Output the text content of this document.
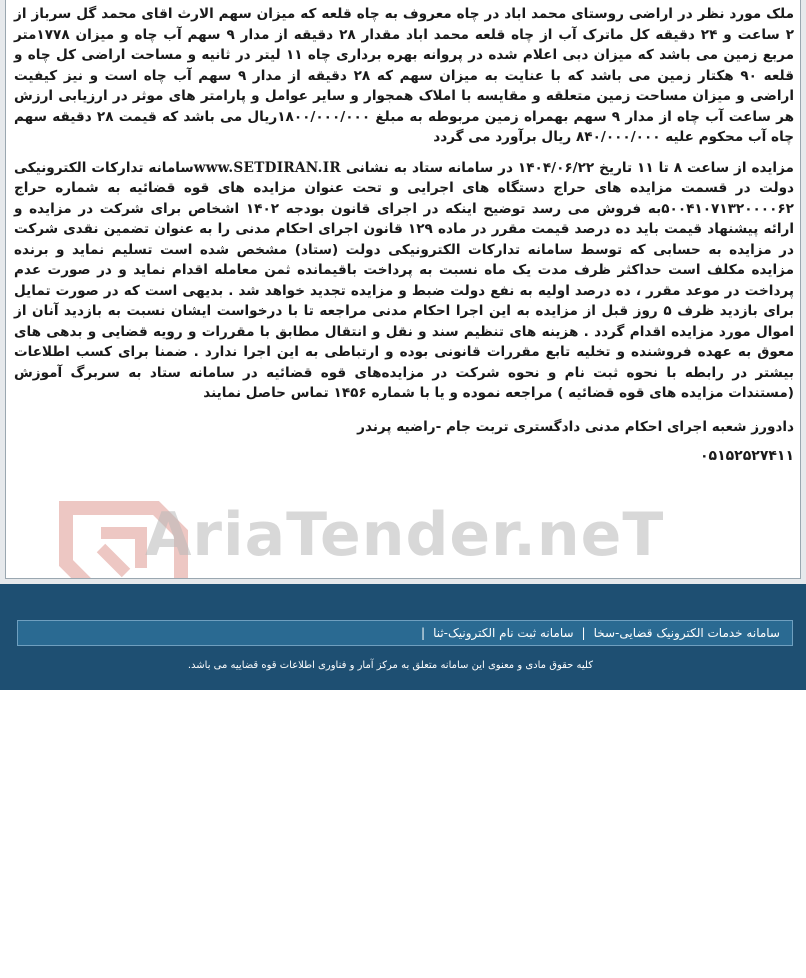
ملک مورد نظر در اراضی روستای محمد اباد در چاه معروف به چاه قلعه که میزان سهم الارث اقای محمد گل سرباز از ۲ ساعت و ۲۴ دقیقه کل ماترک آب از چاه قلعه محمد اباد مقدار ۲۸ دقیقه از مدار ۹ سهم آب چاه و میزان ۱۷۷۸متر مربع زمین می باشد که میزان دبی اعلام شده در پروانه بهره برداری چاه ۱۱ لیتر در ثانیه و مساحت اراضی کل چاه و قلعه ۹۰ هکتار زمین می باشد که با عنایت به میزان سهم که ۲۸ دقیقه از مدار ۹ سهم آب چاه است و نیز کیفیت اراضی و میزان مساحت زمین متعلقه و مقایسه با املاک همجوار و سایر عوامل و پارامتر های موثر در ارزیابی ارزش هر ساعت آب چاه از مدار ۹ سهم بهمراه زمین مربوطه به مبلغ ۱۸۰۰/۰۰۰/۰۰۰ریال می باشد که قیمت ۲۸ دقیقه سهم چاه آب محکوم علیه ۸۴۰/۰۰۰/۰۰۰ ریال برآورد می گردد

مزایده از ساعت ۸ تا ۱۱ تاریخ ۱۴۰۴/۰۶/۲۲ در سامانه ستاد به نشانی www.SETDIRAN.IRسامانه تدارکات الکترونیکی دولت در قسمت مزایده های حراج دستگاه های اجرایی و تحت عنوان مزایده های قوه قضائیه به شماره حراج ۵۰۰۴۱۰۷۱۳۲۰۰۰۰۶۲به فروش می رسد توضیح اینکه در اجرای قانون بودجه ۱۴۰۲ اشخاص برای شرکت در مزایده و ارائه پیشنهاد قیمت باید ده درصد قیمت مقرر در ماده ۱۲۹ قانون اجرای احکام مدنی را به عنوان تضمین نقدی شرکت در مزایده به حسابی که توسط سامانه تدارکات الکترونیکی دولت (ستاد) مشخص شده است تسلیم نماید و برنده مزایده مکلف است حداکثر ظرف مدت یک ماه نسبت به پرداخت باقیمانده ثمن معامله اقدام نماید و در صورت عدم پرداخت در موعد مقرر ، ده درصد اولیه به نفع دولت ضبط و مزایده تجدید خواهد شد . بدیهی است که در صورت تمایل برای بازدید ظرف ۵ روز قبل از مزایده به این اجرا احکام مدنی مراجعه تا با درخواست ایشان نسبت به بازدید آنان از اموال مورد مزایده اقدام گردد . هزینه های تنظیم سند و نقل و انتقال مطابق با مقررات و رویه قضایی و بدهی های معوق به عهده فروشنده و تخلیه تابع مقررات قانونی بوده و ارتباطی به این اجرا ندارد . ضمنا برای کسب اطلاعات بیشتر در رابطه با نحوه ثبت نام و نحوه شرکت در مزایده‌های قوه قضائیه در سامانه ستاد به سربرگ آموزش (مستندات مزایده های قوه قضائیه ) مراجعه نموده و یا با شماره ۱۴۵۶ تماس حاصل نمایند

دادورز شعبه اجرای احکام مدنی دادگستری تربت جام -راضیه پرندر
۰۵۱۵۲۵۲۷۴۱۱
AriaTender.neT
سامانه خدمات الکترونیک قضایی-سخا
|
سامانه ثبت نام الکترونیک-ثنا
|
کلیه حقوق مادی و معنوی این سامانه متعلق به مرکز آمار و فناوری اطلاعات قوه قضاییه می باشد.
